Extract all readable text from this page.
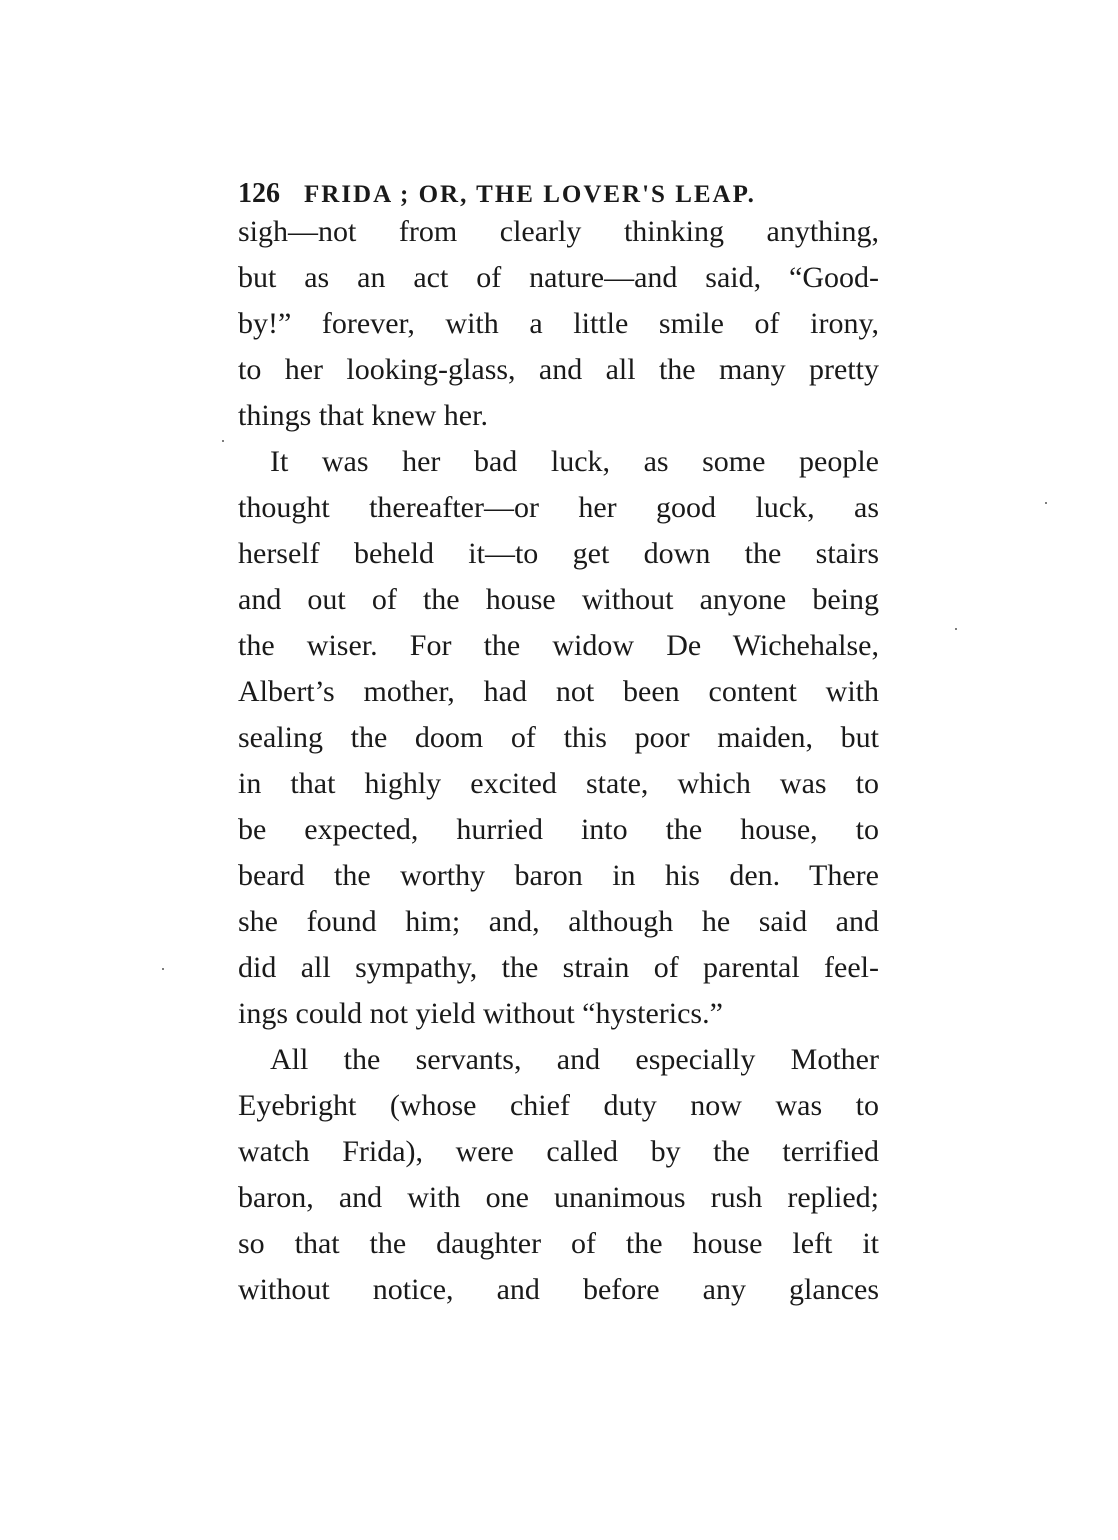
126 FRIDA ; OR, THE LOVER'S LEAP.
sigh—not from clearly thinking anything,
but as an act of nature—and said, “Good-
by!” forever, with a little smile of irony,
to her looking-glass, and all the many pretty
things that knew her.
It was her bad luck, as some people
thought thereafter—or her good luck, as
herself beheld it—to get down the stairs
and out of the house without anyone being
the wiser. For the widow De Wichehalse,
Albert’s mother, had not been content with
sealing the doom of this poor maiden, but
in that highly excited state, which was to
be expected, hurried into the house, to
beard the worthy baron in his den. There
she found him; and, although he said and
did all sympathy, the strain of parental feel-
ings could not yield without “hysterics.”
All the servants, and especially Mother
Eyebright (whose chief duty now was to
watch Frida), were called by the terrified
baron, and with one unanimous rush replied;
so that the daughter of the house left it
without notice, and before any glances
